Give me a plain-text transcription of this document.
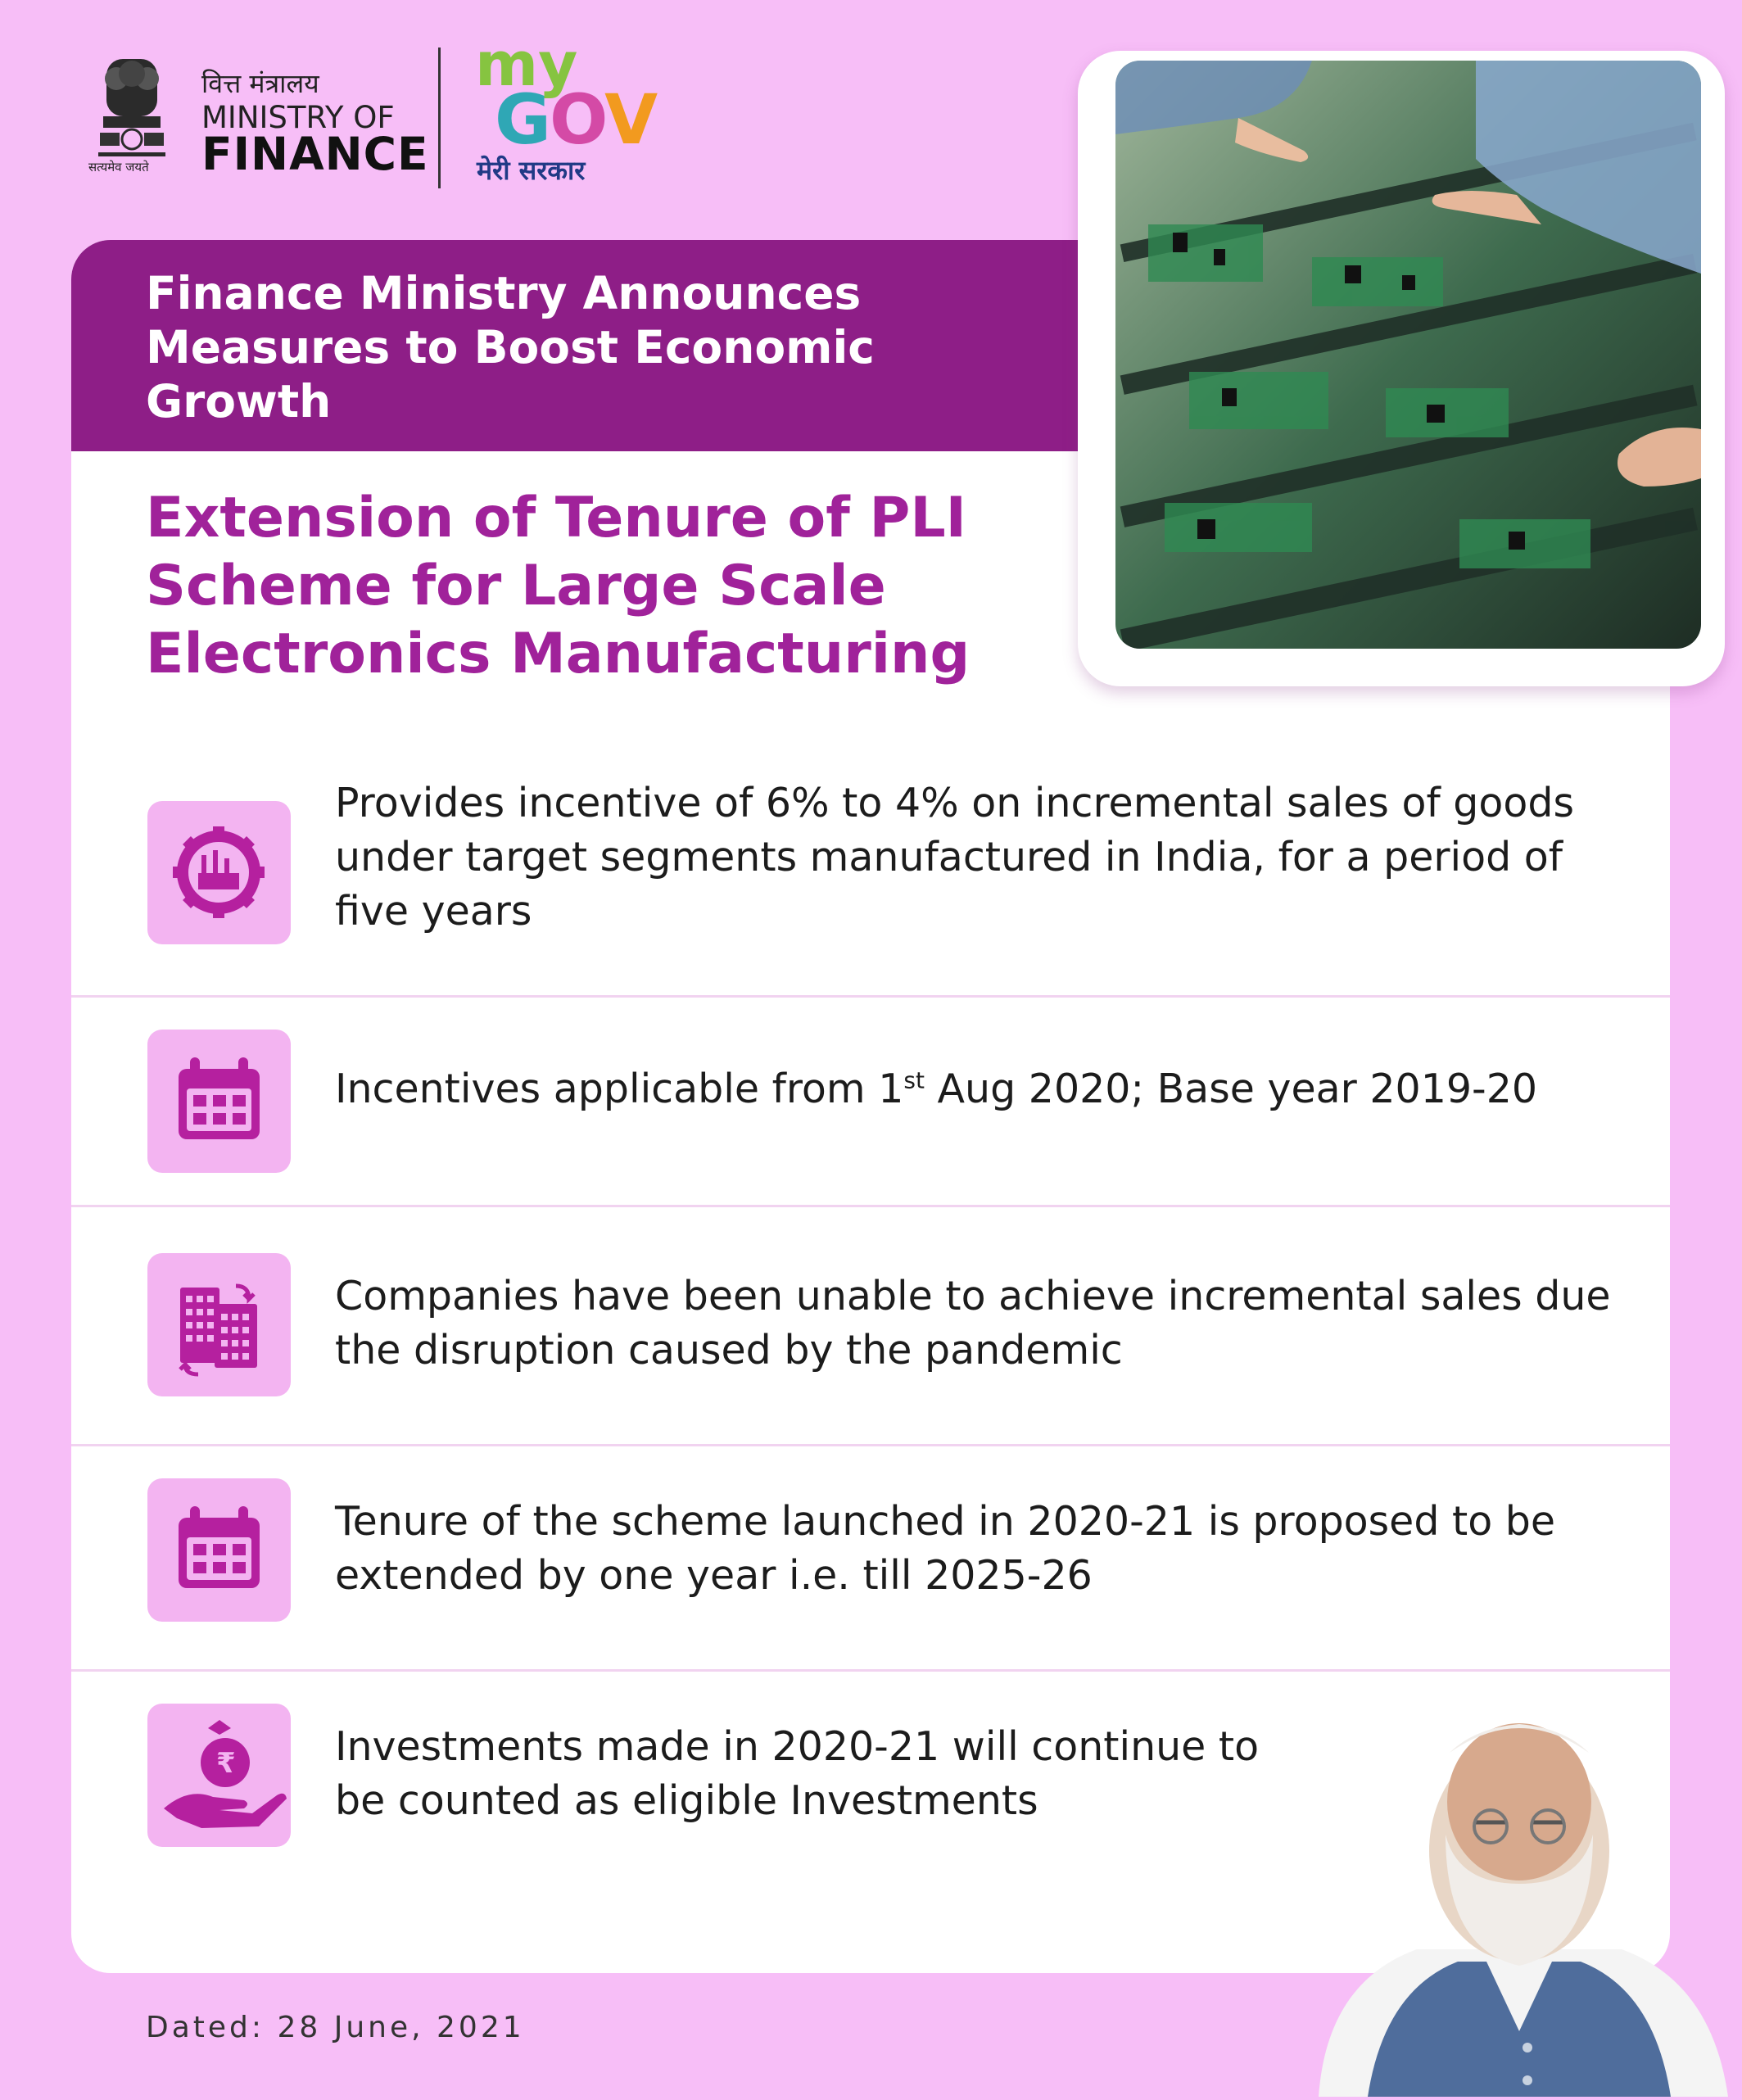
सत्यमेव जयते
वित्त मंत्रालय
MINISTRY OF
FINANCE
my
GOV
मेरी सरकार
Finance Ministry Announces Measures to Boost Economic Growth
Extension of Tenure of PLI Scheme for Large Scale Electronics Manufacturing
Provides incentive of 6% to 4% on incremental sales of goods under target segments manufactured in India, for a period of five years
Incentives applicable from 1st Aug 2020; Base year 2019-20
Companies have been unable to achieve incremental sales due the disruption caused by the pandemic
Tenure of the scheme launched in 2020-21 is proposed to be extended by one year i.e. till 2025-26
₹ Investments made in 2020-21 will continue to be counted as eligible Investments
Dated: 28 June, 2021
